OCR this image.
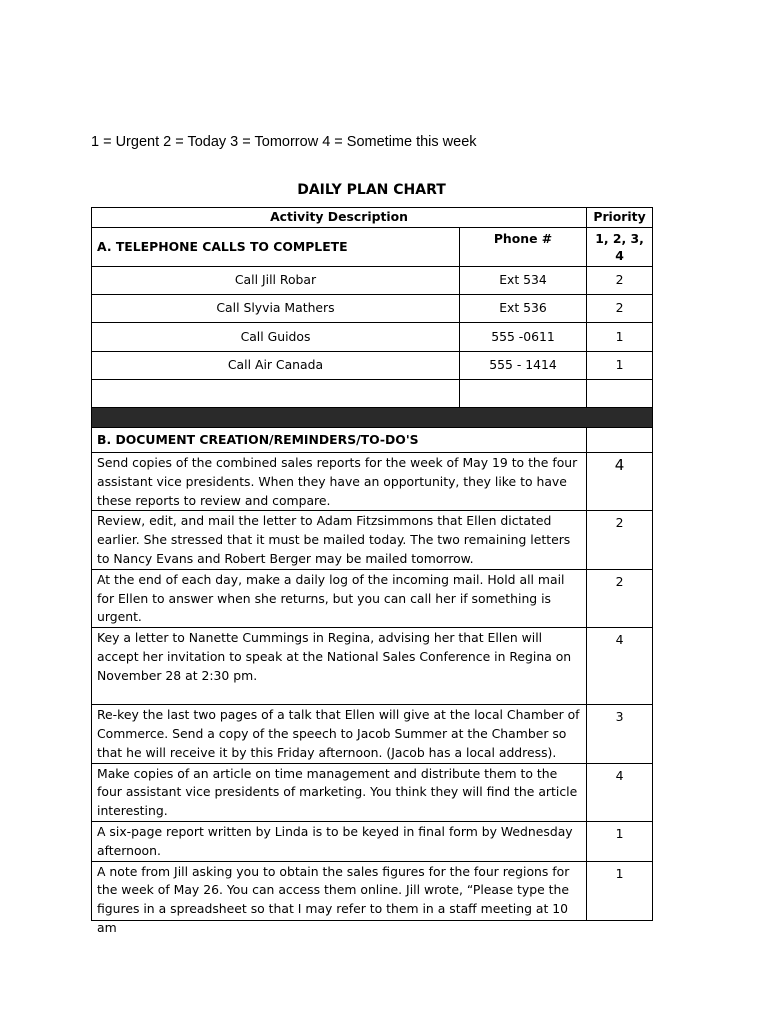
1 = Urgent 2 = Today 3 = Tomorrow 4 = Sometime this week
DAILY PLAN CHART
Activity Description		Priority
A. TELEPHONE CALLS TO COMPLETE	Phone #	1, 2, 3, 4
Call Jill Robar	Ext 534	2
Call Slyvia Mathers	Ext 536	2
Call Guidos	555 -0611	1
Call Air Canada	555 - 1414	1

B. DOCUMENT CREATION/REMINDERS/TO-DO'S		
Send copies of the combined sales reports for the week of May 19 to the four assistant vice presidents. When they have an opportunity, they like to have these reports to review and compare.		4
Review, edit, and mail the letter to Adam Fitzsimmons that Ellen dictated earlier. She stressed that it must be mailed today. The two remaining letters to Nancy Evans and Robert Berger may be mailed tomorrow.		2
At the end of each day, make a daily log of the incoming mail. Hold all mail for Ellen to answer when she returns, but you can call her if something is urgent.		2
Key a letter to Nanette Cummings in Regina, advising her that Ellen will accept her invitation to speak at the National Sales Conference in Regina on November 28 at 2:30 pm.		4
Re-key the last two pages of a talk that Ellen will give at the local Chamber of Commerce. Send a copy of the speech to Jacob Summer at the Chamber so that he will receive it by this Friday afternoon. (Jacob has a local address).		3
Make copies of an article on time management and distribute them to the four assistant vice presidents of marketing. You think they will find the article interesting.		4
A six-page report written by Linda is to be keyed in final form by Wednesday afternoon.		1

A note from Jill asking you to obtain the sales figures for the four regions for the week of May 26. You can access them online. Jill wrote, “Please type the figures in a spreadsheet so that I may refer to them in a staff meeting at 10 am		1
